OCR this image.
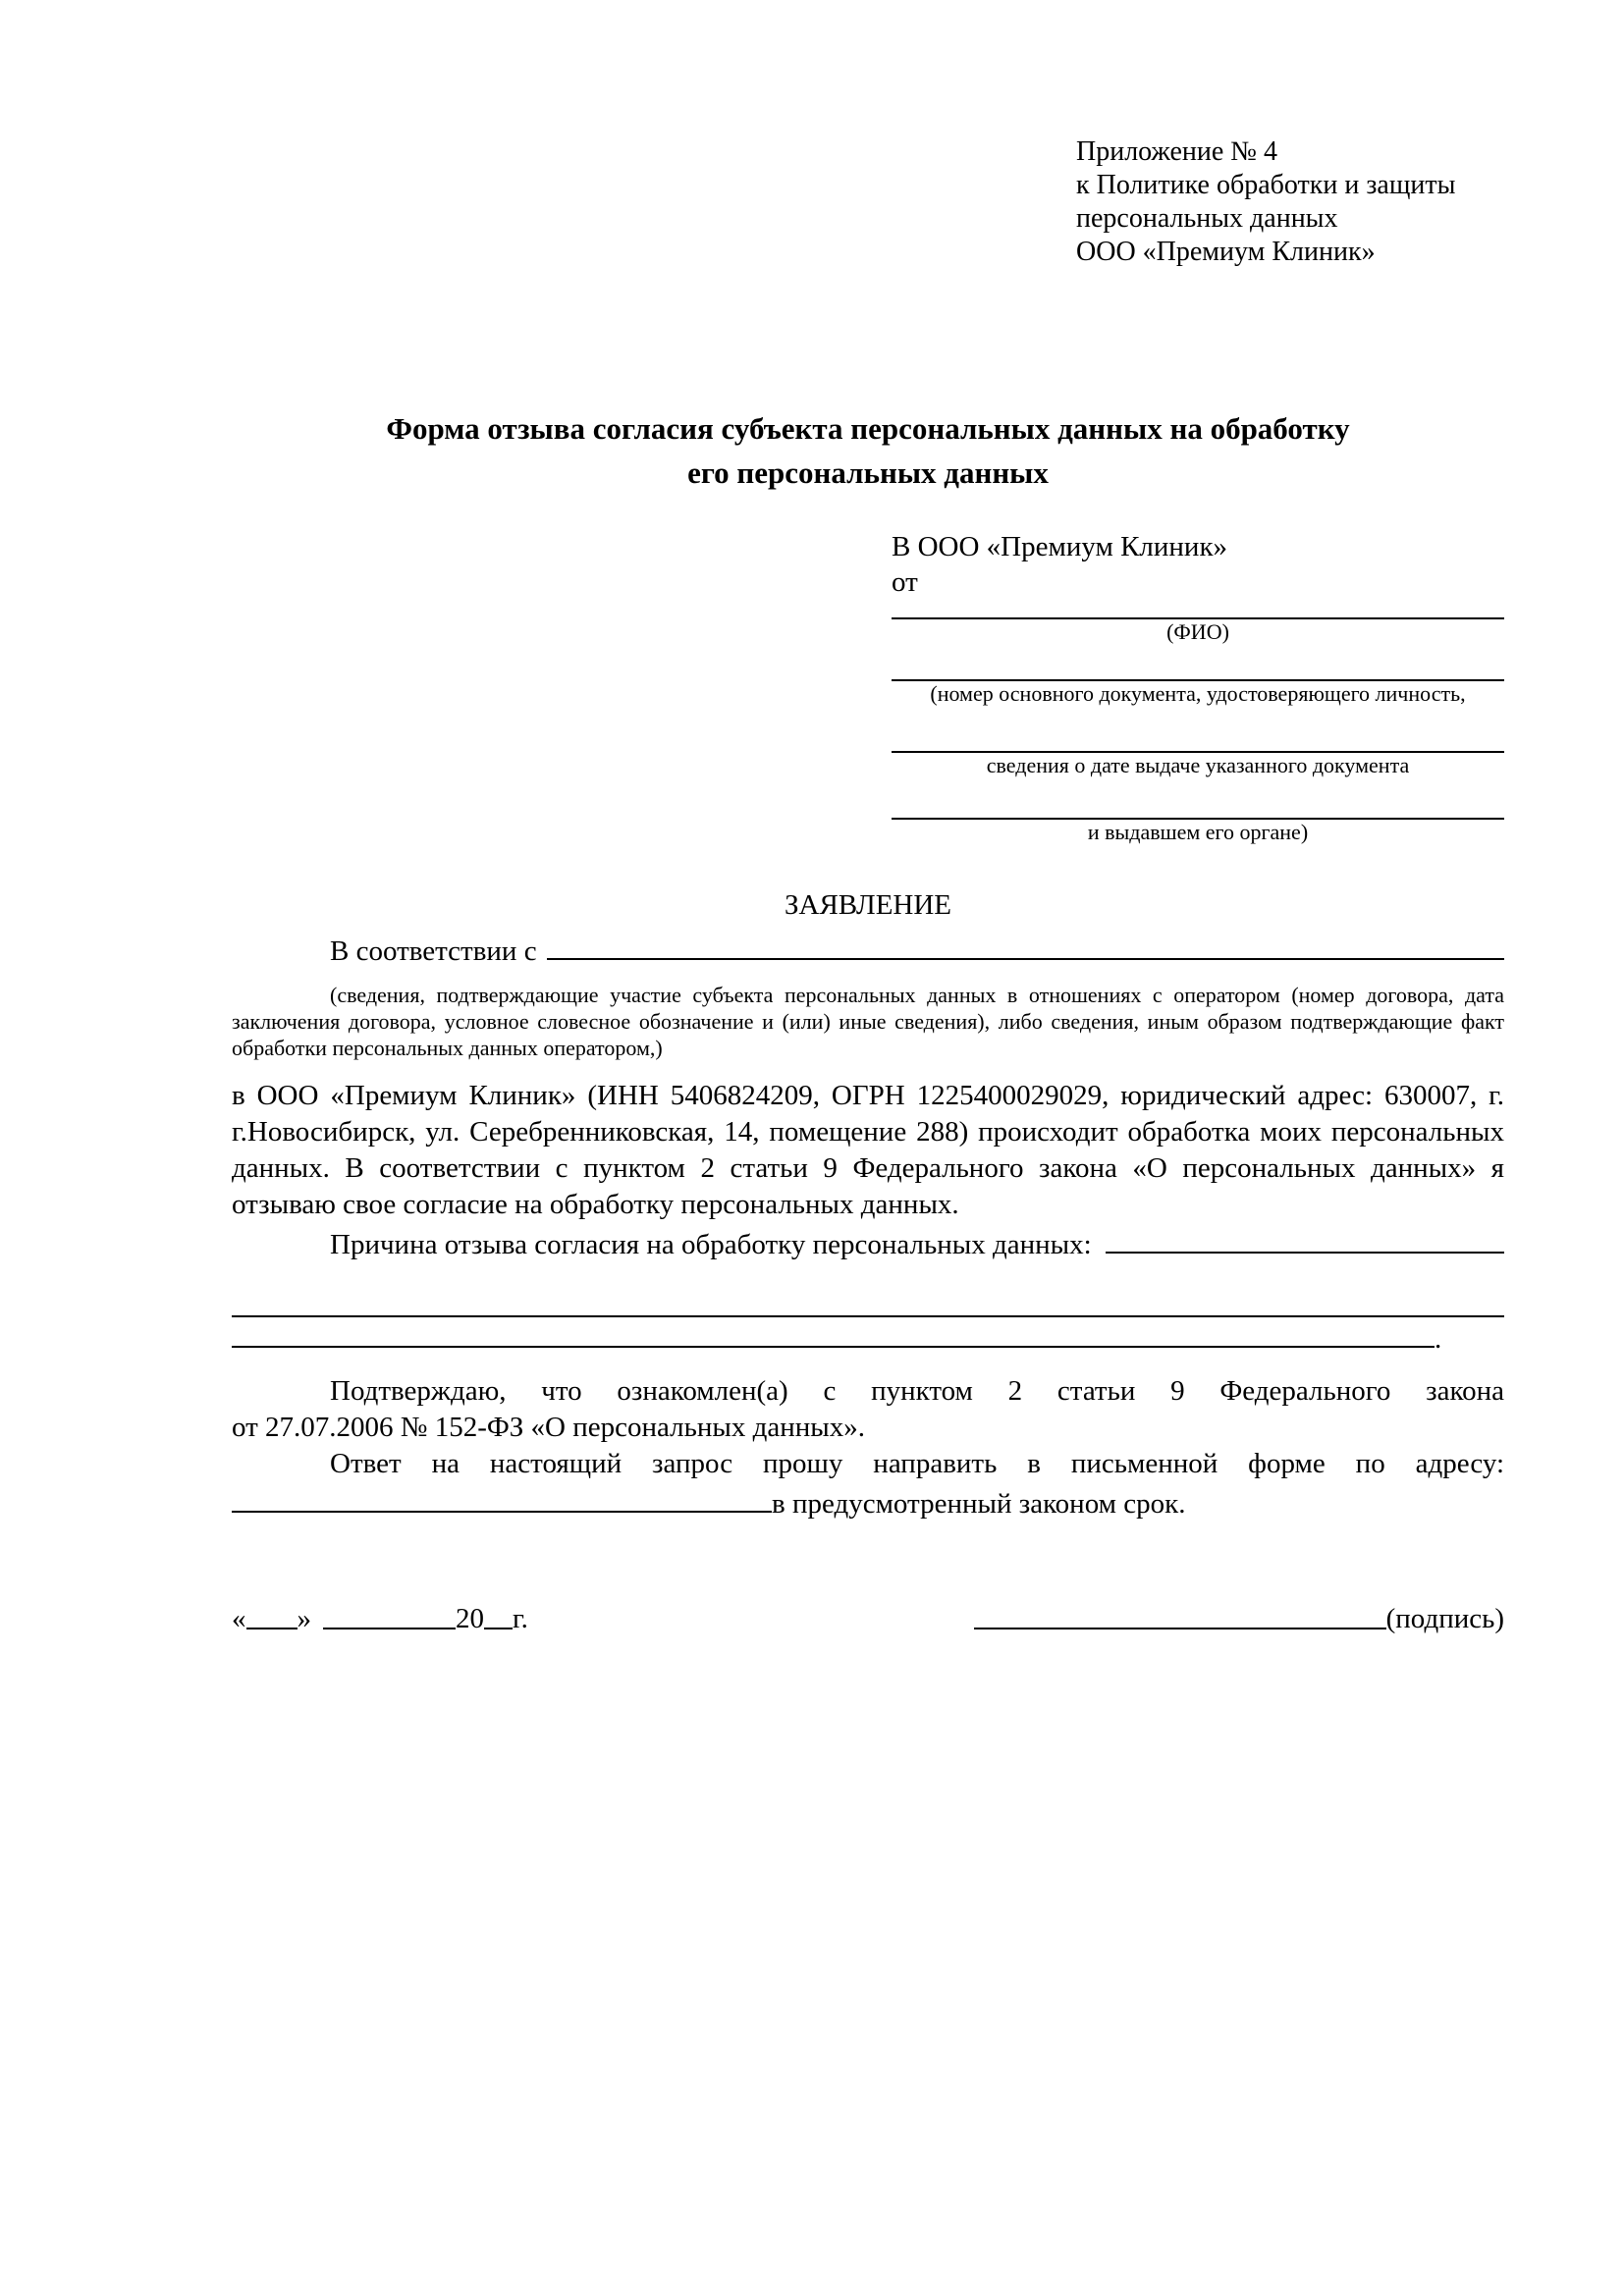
Приложение № 4
к Политике обработки и защиты
персональных данных
ООО «Премиум Клиник»
Форма отзыва согласия субъекта персональных данных на обработку
его персональных данных
В ООО «Премиум Клиник»
от
(ФИО)
(номер основного документа, удостоверяющего личность,
сведения о дате выдаче указанного документа
и выдавшем его органе)
ЗАЯВЛЕНИЕ
В соответствии с
(сведения, подтверждающие участие субъекта персональных данных в отношениях с оператором (номер договора, дата заключения договора, условное словесное обозначение и (или) иные сведения), либо сведения, иным образом подтверждающие факт обработки персональных данных оператором,)
в ООО «Премиум Клиник» (ИНН 5406824209, ОГРН 1225400029029, юридический адрес: 630007, г. г.Новосибирск, ул. Серебренниковская, 14, помещение 288) происходит обработка моих персональных данных. В соответствии с пунктом 2 статьи 9 Федерального закона «О персональных данных» я отзываю свое согласие на обработку персональных данных.
Причина отзыва согласия на обработку персональных данных:
.
Подтверждаю, что ознакомлен(а) с пунктом 2 статьи 9 Федерального закона
от 27.07.2006 № 152-ФЗ «О персональных данных».
Ответ на настоящий запрос прошу направить в письменной форме по адресу:
в предусмотренный законом срок.
« »	20 г.	(подпись)
